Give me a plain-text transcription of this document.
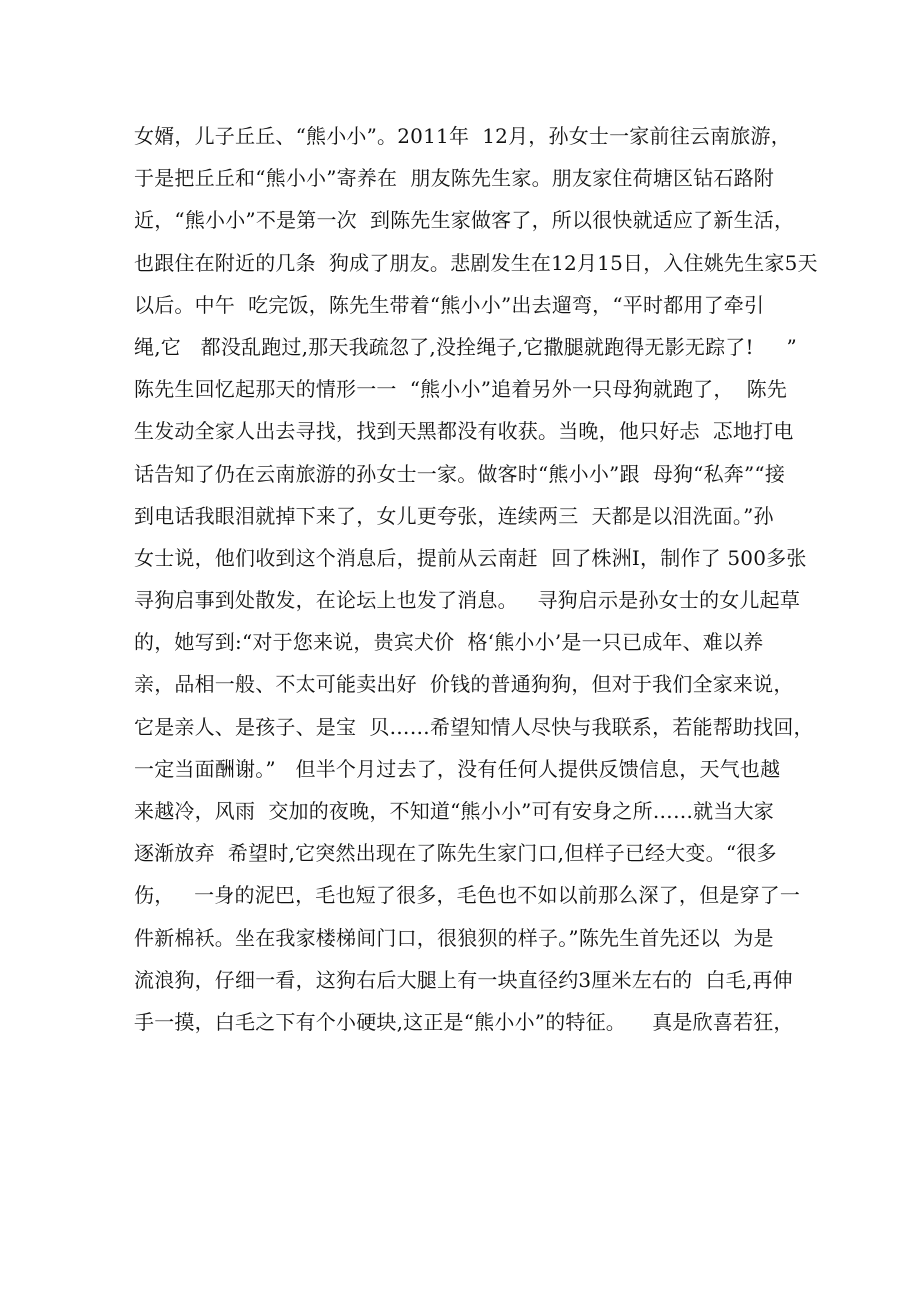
女婿，儿子丘丘、“熊小小”。2011年  12月，孙女士一家前往云南旅游，
于是把丘丘和“熊小小”寄养在  朋友陈先生家。朋友家住荷塘区钻石路附
近，“熊小小”不是第一次  到陈先生家做客了，所以很快就适应了新生活，
也跟住在附近的几条  狗成了朋友。悲剧发生在12月15日，入住姚先生家5天
以后。中午  吃完饭，陈先生带着“熊小小”出去遛弯，“平时都用了牵引
绳,它   都没乱跑过,那天我疏忽了,没拴绳子,它撒腿就跑得无影无踪了!     ”
陈先生回忆起那天的情形一一  “熊小小”追着另外一只母狗就跑了，  陈先
生发动全家人出去寻找，找到天黑都没有收获。当晚，他只好忐  忑地打电
话告知了仍在云南旅游的孙女士一家。做客时“熊小小”跟  母狗“私奔”“接
到电话我眼泪就掉下来了，女儿更夸张，连续两三  天都是以泪洗面。”孙
女士说，他们收到这个消息后，提前从云南赶  回了株洲I，制作了 500多张
寻狗启事到处散发，在论坛上也发了消息。   寻狗启示是孙女士的女儿起草
的，她写到:“对于您来说，贵宾犬价  格‘熊小小’是一只已成年、难以养
亲，品相一般、不太可能卖出好  价钱的普通狗狗，但对于我们全家来说，
它是亲人、是孩子、是宝  贝……希望知情人尽快与我联系，若能帮助找回，
一定当面酬谢。”   但半个月过去了，没有任何人提供反馈信息，天气也越
来越冷，风雨  交加的夜晚，不知道“熊小小”可有安身之所……就当大家
逐渐放弃  希望时,它突然出现在了陈先生家门口,但样子已经大变。“很多
伤，   一身的泥巴，毛也短了很多，毛色也不如以前那么深了，但是穿了一
件新棉袄。坐在我家楼梯间门口，很狼狈的样子。”陈先生首先还以  为是
流浪狗，仔细一看，这狗右后大腿上有一块直径约3厘米左右的  白毛,再伸
手一摸，白毛之下有个小硬块,这正是“熊小小”的特征。    真是欣喜若狂，
